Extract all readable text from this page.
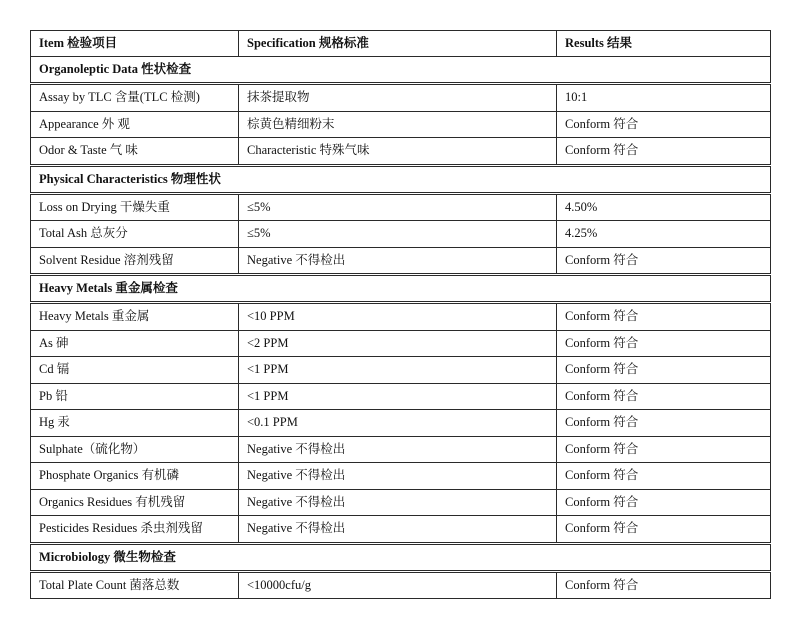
Item 检验项目	Specification 规格标准	Results 结果
Organoleptic Data 性状检查		
Assay by TLC 含量(TLC 检测)	抹茶提取物	10:1
Appearance 外 观	棕黄色精细粉末	Conform 符合
Odor & Taste 气 味	Characteristic 特殊气味	Conform 符合
Physical Characteristics 物理性状		
Loss on Drying 干燥失重	≤5%	4.50%
Total Ash 总灰分	≤5%	4.25%
Solvent Residue 溶剂残留	Negative 不得检出	Conform 符合
Heavy Metals 重金属检查		
Heavy Metals 重金属	<10 PPM	Conform 符合
As 砷	<2 PPM	Conform 符合
Cd 镉	<1 PPM	Conform 符合
Pb 铅	<1 PPM	Conform 符合
Hg 汞	<0.1 PPM	Conform 符合
Sulphate（硫化物）	Negative 不得检出	Conform 符合
Phosphate Organics 有机磷	Negative 不得检出	Conform 符合
Organics Residues 有机残留	Negative 不得检出	Conform 符合
Pesticides Residues 杀虫剂残留	Negative 不得检出	Conform 符合
Microbiology 微生物检查		
Total Plate Count 菌落总数	<10000cfu/g	Conform 符合
